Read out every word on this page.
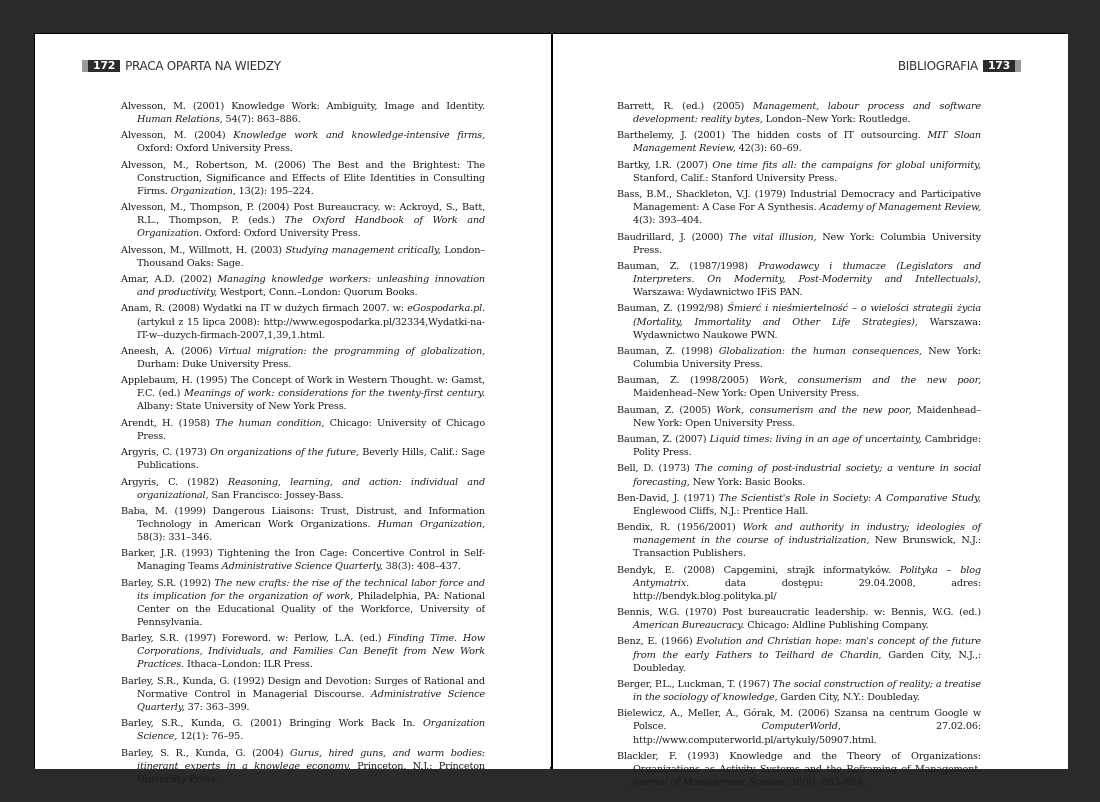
172 PRACA OPARTA NA WIEDZY
Alvesson, M. (2001) Knowledge Work: Ambiguity, Image and Identity. Human Relations, 54(7): 863–886.
Alvesson, M. (2004) Knowledge work and knowledge-intensive firms, Oxford: Oxford University Press.
Alvesson, M., Robertson, M. (2006) The Best and the Brightest: The Construction, Significance and Effects of Elite Identities in Consulting Firms. Organization, 13(2): 195–224.
Alvesson, M., Thompson, P. (2004) Post Bureaucracy. w: Ackroyd, S., Batt, R.L., Thompson, P. (eds.) The Oxford Handbook of Work and Organization. Oxford: Oxford University Press.
Alvesson, M., Willmott, H. (2003) Studying management critically, London–Thousand Oaks: Sage.
Amar, A.D. (2002) Managing knowledge workers: unleashing innovation and productivity, Westport, Conn.–London: Quorum Books.
Anam, R. (2008) Wydatki na IT w dużych firmach 2007. w: eGospodarka.pl. (artykuł z 15 lipca 2008): http://www.egospodarka.pl/32334,Wydatki-na-IT-w--duzych-firmach-2007,1,39,1.html.
Aneesh, A. (2006) Virtual migration: the programming of globalization, Durham: Duke University Press.
Applebaum, H. (1995) The Concept of Work in Western Thought. w: Gamst, F.C. (ed.) Meanings of work: considerations for the twenty-first century. Albany: State University of New York Press.
Arendt, H. (1958) The human condition, Chicago: University of Chicago Press.
Argyris, C. (1973) On organizations of the future, Beverly Hills, Calif.: Sage Publications.
Argyris, C. (1982) Reasoning, learning, and action: individual and organizational, San Francisco: Jossey-Bass.
Baba, M. (1999) Dangerous Liaisons: Trust, Distrust, and Information Technology in American Work Organizations. Human Organization, 58(3): 331–346.
Barker, J.R. (1993) Tightening the Iron Cage: Concertive Control in Self-Managing Teams Administrative Science Quarterly, 38(3): 408–437.
Barley, S.R. (1992) The new crafts: the rise of the technical labor force and its implication for the organization of work, Philadelphia, PA: National Center on the Educational Quality of the Workforce, University of Pennsylvania.
Barley, S.R. (1997) Foreword. w: Perlow, L.A. (ed.) Finding Time. How Corporations, Individuals, and Families Can Benefit from New Work Practices. Ithaca–London: ILR Press.
Barley, S.R., Kunda, G. (1992) Design and Devotion: Surges of Rational and Normative Control in Managerial Discourse. Administrative Science Quarterly, 37: 363–399.
Barley, S.R., Kunda, G. (2001) Bringing Work Back In. Organization Science, 12(1): 76–95.
Barley, S. R., Kunda, G. (2004) Gurus, hired guns, and warm bodies: itinerant experts in a knowlege economy, Princeton, N.J.: Princeton University Press.
BIBLIOGRAFIA 173
Barrett, R. (ed.) (2005) Management, labour process and software development: reality bytes, London–New York: Routledge.
Barthelemy, J. (2001) The hidden costs of IT outsourcing. MIT Sloan Management Review, 42(3): 60–69.
Bartky, I.R. (2007) One time fits all: the campaigns for global uniformity, Stanford, Calif.: Stanford University Press.
Bass, B.M., Shackleton, V.J. (1979) Industrial Democracy and Participative Management: A Case For A Synthesis. Academy of Management Review, 4(3): 393–404.
Baudrillard, J. (2000) The vital illusion, New York: Columbia University Press.
Bauman, Z. (1987/1998) Prawodawcy i tłumacze (Legislators and Interpreters. On Modernity, Post-Modernity and Intellectuals), Warszawa: Wydawnictwo IFiS PAN.
Bauman, Z. (1992/98) Śmierć i nieśmiertelność – o wielości strategii życia (Mortality, Immortality and Other Life Strategies), Warszawa: Wydawnictwo Naukowe PWN.
Bauman, Z. (1998) Globalization: the human consequences, New York: Columbia University Press.
Bauman, Z. (1998/2005) Work, consumerism and the new poor, Maidenhead–New York: Open University Press.
Bauman, Z. (2005) Work, consumerism and the new poor, Maidenhead–New York: Open University Press.
Bauman, Z. (2007) Liquid times: living in an age of uncertainty, Cambridge: Polity Press.
Bell, D. (1973) The coming of post-industrial society; a venture in social forecasting, New York: Basic Books.
Ben-David, J. (1971) The Scientist's Role in Society: A Comparative Study, Englewood Cliffs, N.J.: Prentice Hall.
Bendix, R. (1956/2001) Work and authority in industry; ideologies of management in the course of industrialization, New Brunswick, N.J.: Transaction Publishers.
Bendyk, E. (2008) Capgemini, strajk informatyków. Polityka – blog Antymatrix. data dostępu: 29.04.2008, adres: http://bendyk.blog.polityka.pl/
Bennis, W.G. (1970) Post bureaucratic leadership. w: Bennis, W.G. (ed.) American Bureaucracy. Chicago: Aldline Publishing Company.
Benz, E. (1966) Evolution and Christian hope: man's concept of the future from the early Fathers to Teilhard de Chardin, Garden City, N.J.,: Doubleday.
Berger, P.L., Luckman, T. (1967) The social construction of reality; a treatise in the sociology of knowledge, Garden City, N.Y.: Doubleday.
Bielewicz, A., Meller, A., Górak, M. (2006) Szansa na centrum Google w Polsce. ComputerWorld, 27.02.06: http://www.computerworld.pl/artykuly/50907.html.
Blackler, F. (1993) Knowledge and the Theory of Organizations: Organizations as Activity Systems and the Reframing of Management. Journal of Management Studies, 30(6): 863–884.
